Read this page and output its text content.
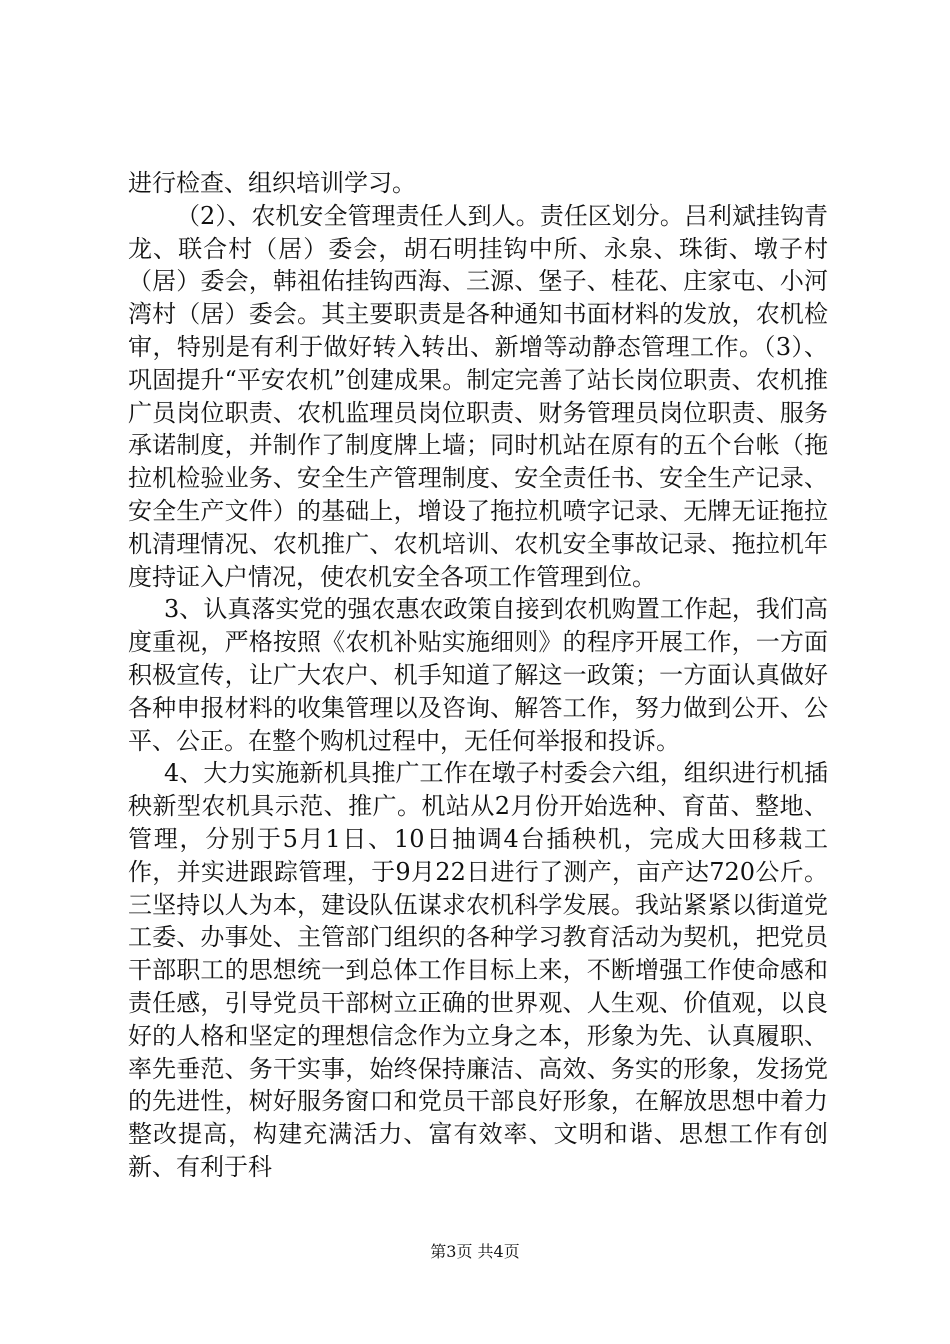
进行检查、组织培训学习。

（2）、农机安全管理责任人到人。责任区划分。吕利斌挂钩青龙、联合村（居）委会，胡石明挂钩中所、永泉、珠街、墩子村（居）委会，韩祖佑挂钩西海、三源、堡子、桂花、庄家屯、小河湾村（居）委会。其主要职责是各种通知书面材料的发放，农机检审，特别是有利于做好转入转出、新增等动静态管理工作。（3）、巩固提升“平安农机”创建成果。制定完善了站长岗位职责、农机推广员岗位职责、农机监理员岗位职责、财务管理员岗位职责、服务承诺制度，并制作了制度牌上墙；同时机站在原有的五个台帐（拖拉机检验业务、安全生产管理制度、安全责任书、安全生产记录、安全生产文件）的基础上，增设了拖拉机喷字记录、无牌无证拖拉机清理情况、农机推广、农机培训、农机安全事故记录、拖拉机年度持证入户情况，使农机安全各项工作管理到位。

3、认真落实党的强农惠农政策自接到农机购置工作起，我们高度重视，严格按照《农机补贴实施细则》的程序开展工作，一方面积极宣传，让广大农户、机手知道了解这一政策；一方面认真做好各种申报材料的收集管理以及咨询、解答工作，努力做到公开、公平、公正。在整个购机过程中，无任何举报和投诉。

4、大力实施新机具推广工作在墩子村委会六组，组织进行机插秧新型农机具示范、推广。机站从2月份开始选种、育苗、整地、管理，分别于5月1日、10日抽调4台插秧机，完成大田移栽工作，并实进跟踪管理，于9月22日进行了测产，亩产达720公斤。三坚持以人为本，建设队伍谋求农机科学发展。我站紧紧以街道党工委、办事处、主管部门组织的各种学习教育活动为契机，把党员干部职工的思想统一到总体工作目标上来，不断增强工作使命感和责任感，引导党员干部树立正确的世界观、人生观、价值观，以良好的人格和坚定的理想信念作为立身之本，形象为先、认真履职、率先垂范、务干实事，始终保持廉洁、高效、务实的形象，发扬党的先进性，树好服务窗口和党员干部良好形象，在解放思想中着力整改提高，构建充满活力、富有效率、文明和谐、思想工作有创新、有利于科

第3页 共4页
